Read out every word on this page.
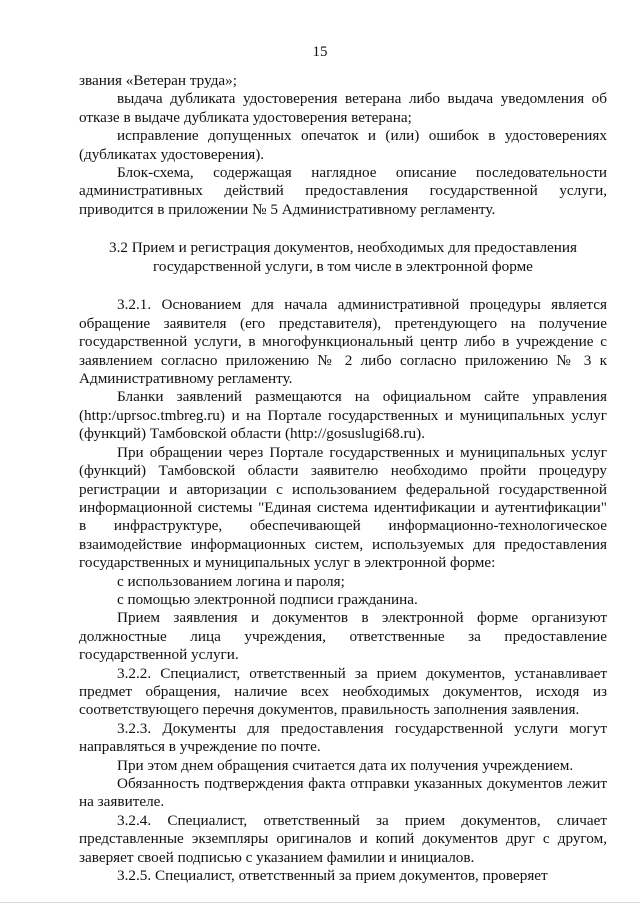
15

звания «Ветеран труда»;

выдача дубликата удостоверения ветерана либо выдача уведомления об отказе в выдаче дубликата удостоверения ветерана;

исправление допущенных опечаток и (или) ошибок в удостоверениях (дубликатах удостоверения).

Блок-схема, содержащая наглядное описание последовательности административных действий предоставления государственной услуги, приводится в приложении № 5 Административному регламенту.

3.2 Прием и регистрация документов, необходимых для предоставления

государственной услуги, в том числе в электронной форме

3.2.1. Основанием для начала административной процедуры является обращение заявителя (его представителя), претендующего на получение государственной услуги, в многофункциональный центр либо в учреждение с заявлением согласно приложению № 2 либо согласно приложению № 3 к Административному регламенту.

Бланки заявлений размещаются на официальном сайте управления (http:/uprsoc.tmbreg.ru) и на Портале государственных и муниципальных услуг (функций) Тамбовской области (http://gosuslugi68.ru).

При обращении через Портале государственных и муниципальных услуг (функций) Тамбовской области заявителю необходимо пройти процедуру регистрации и авторизации с использованием федеральной государственной информационной системы "Единая система идентификации и аутентификации" в инфраструктуре, обеспечивающей информационно-технологическое взаимодействие информационных систем, используемых для предоставления государственных и муниципальных услуг в электронной форме:

с использованием логина и пароля;

с помощью электронной подписи гражданина.

Прием заявления и документов в электронной форме организуют должностные лица учреждения, ответственные за предоставление государственной услуги.

3.2.2. Специалист, ответственный за прием документов, устанавливает предмет обращения, наличие всех необходимых документов, исходя из соответствующего перечня документов, правильность заполнения заявления.

3.2.3. Документы для предоставления государственной услуги могут направляться в учреждение по почте.

При этом днем обращения считается дата их получения учреждением.

Обязанность подтверждения факта отправки указанных документов лежит на заявителе.

3.2.4. Специалист, ответственный за прием документов, сличает представленные экземпляры оригиналов и копий документов друг с другом, заверяет своей подписью с указанием фамилии и инициалов.

3.2.5. Специалист, ответственный за прием документов, проверяет
